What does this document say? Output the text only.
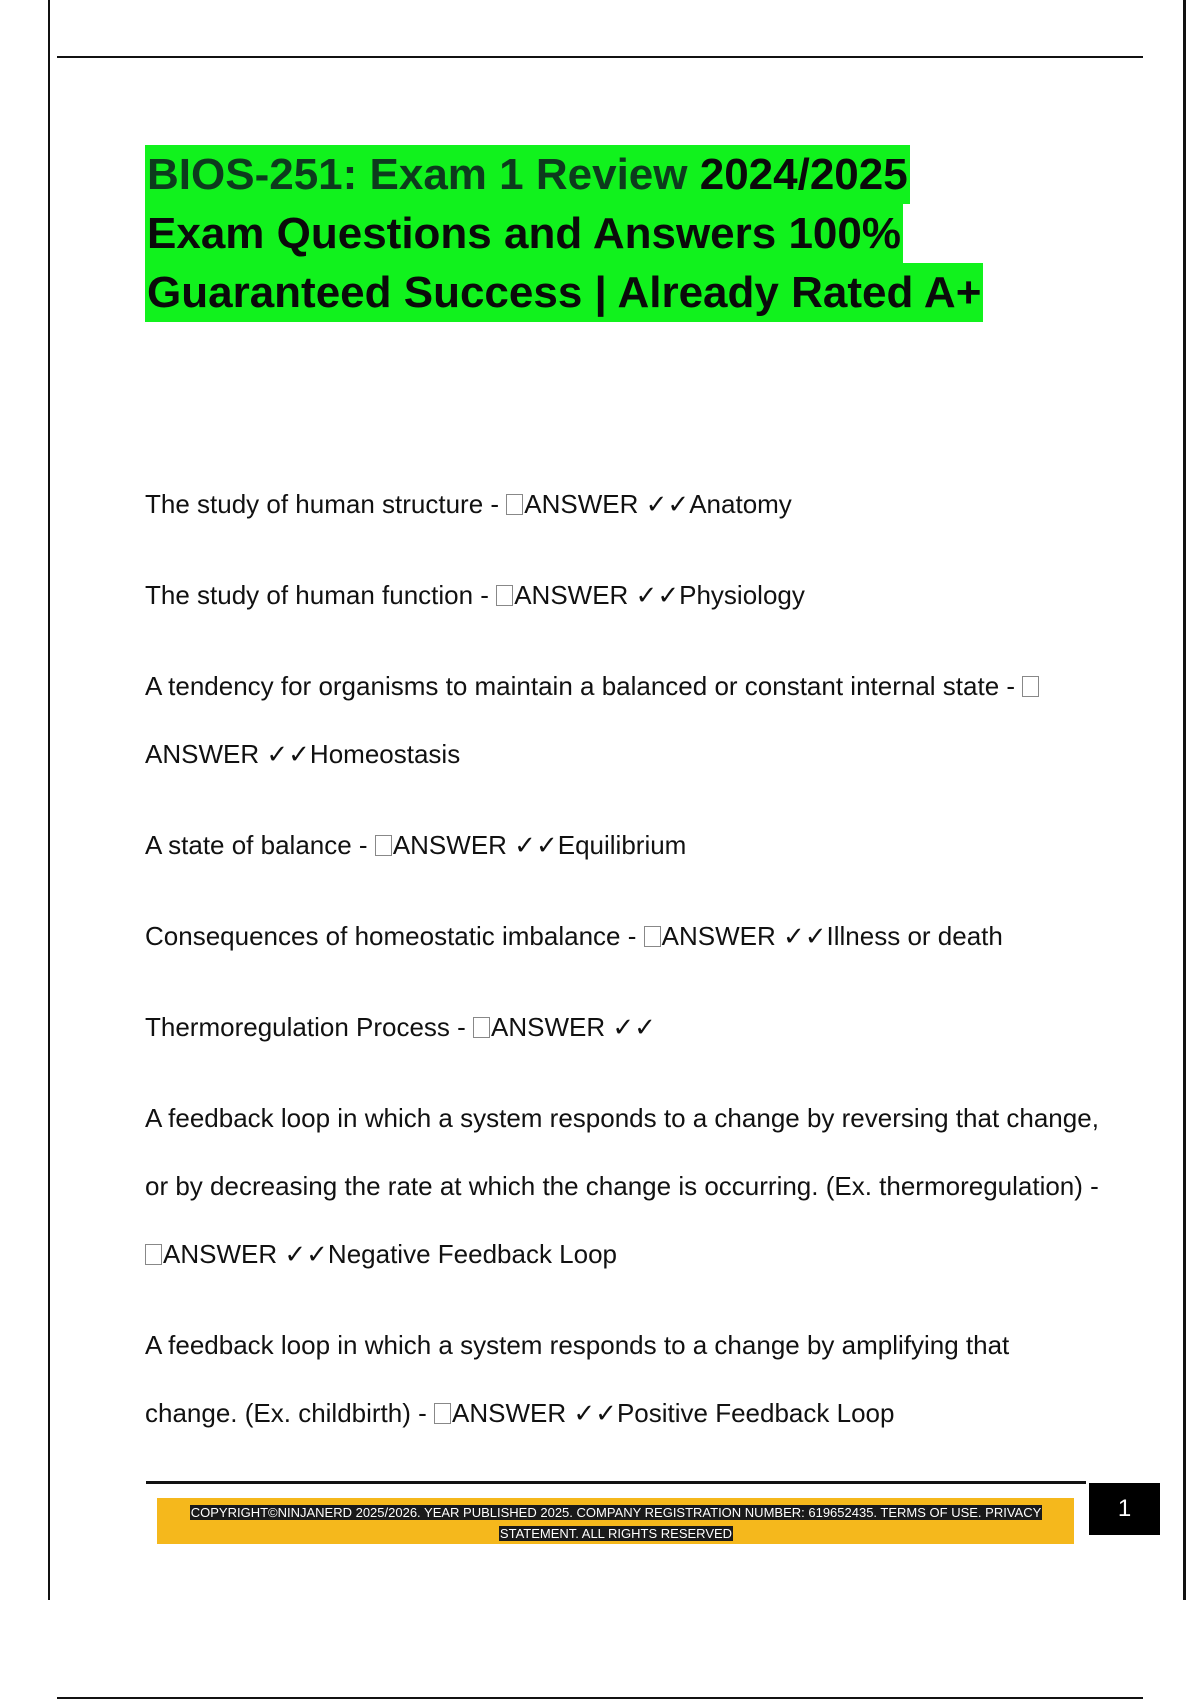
BIOS-251: Exam 1 Review 2024/2025
Exam Questions and Answers 100%
Guaranteed Success | Already Rated A+
The study of human structure - ANSWER ✓✓Anatomy
The study of human function - ANSWER ✓✓Physiology
A tendency for organisms to maintain a balanced or constant internal state - ANSWER ✓✓Homeostasis
A state of balance - ANSWER ✓✓Equilibrium
Consequences of homeostatic imbalance - ANSWER ✓✓Illness or death
Thermoregulation Process - ANSWER ✓✓
A feedback loop in which a system responds to a change by reversing that change, or by decreasing the rate at which the change is occurring. (Ex. thermoregulation) - ANSWER ✓✓Negative Feedback Loop
A feedback loop in which a system responds to a change by amplifying that change. (Ex. childbirth) - ANSWER ✓✓Positive Feedback Loop
COPYRIGHT©NINJANERD 2025/2026. YEAR PUBLISHED 2025. COMPANY REGISTRATION NUMBER: 619652435. TERMS OF USE. PRIVACY
STATEMENT. ALL RIGHTS RESERVED
1
